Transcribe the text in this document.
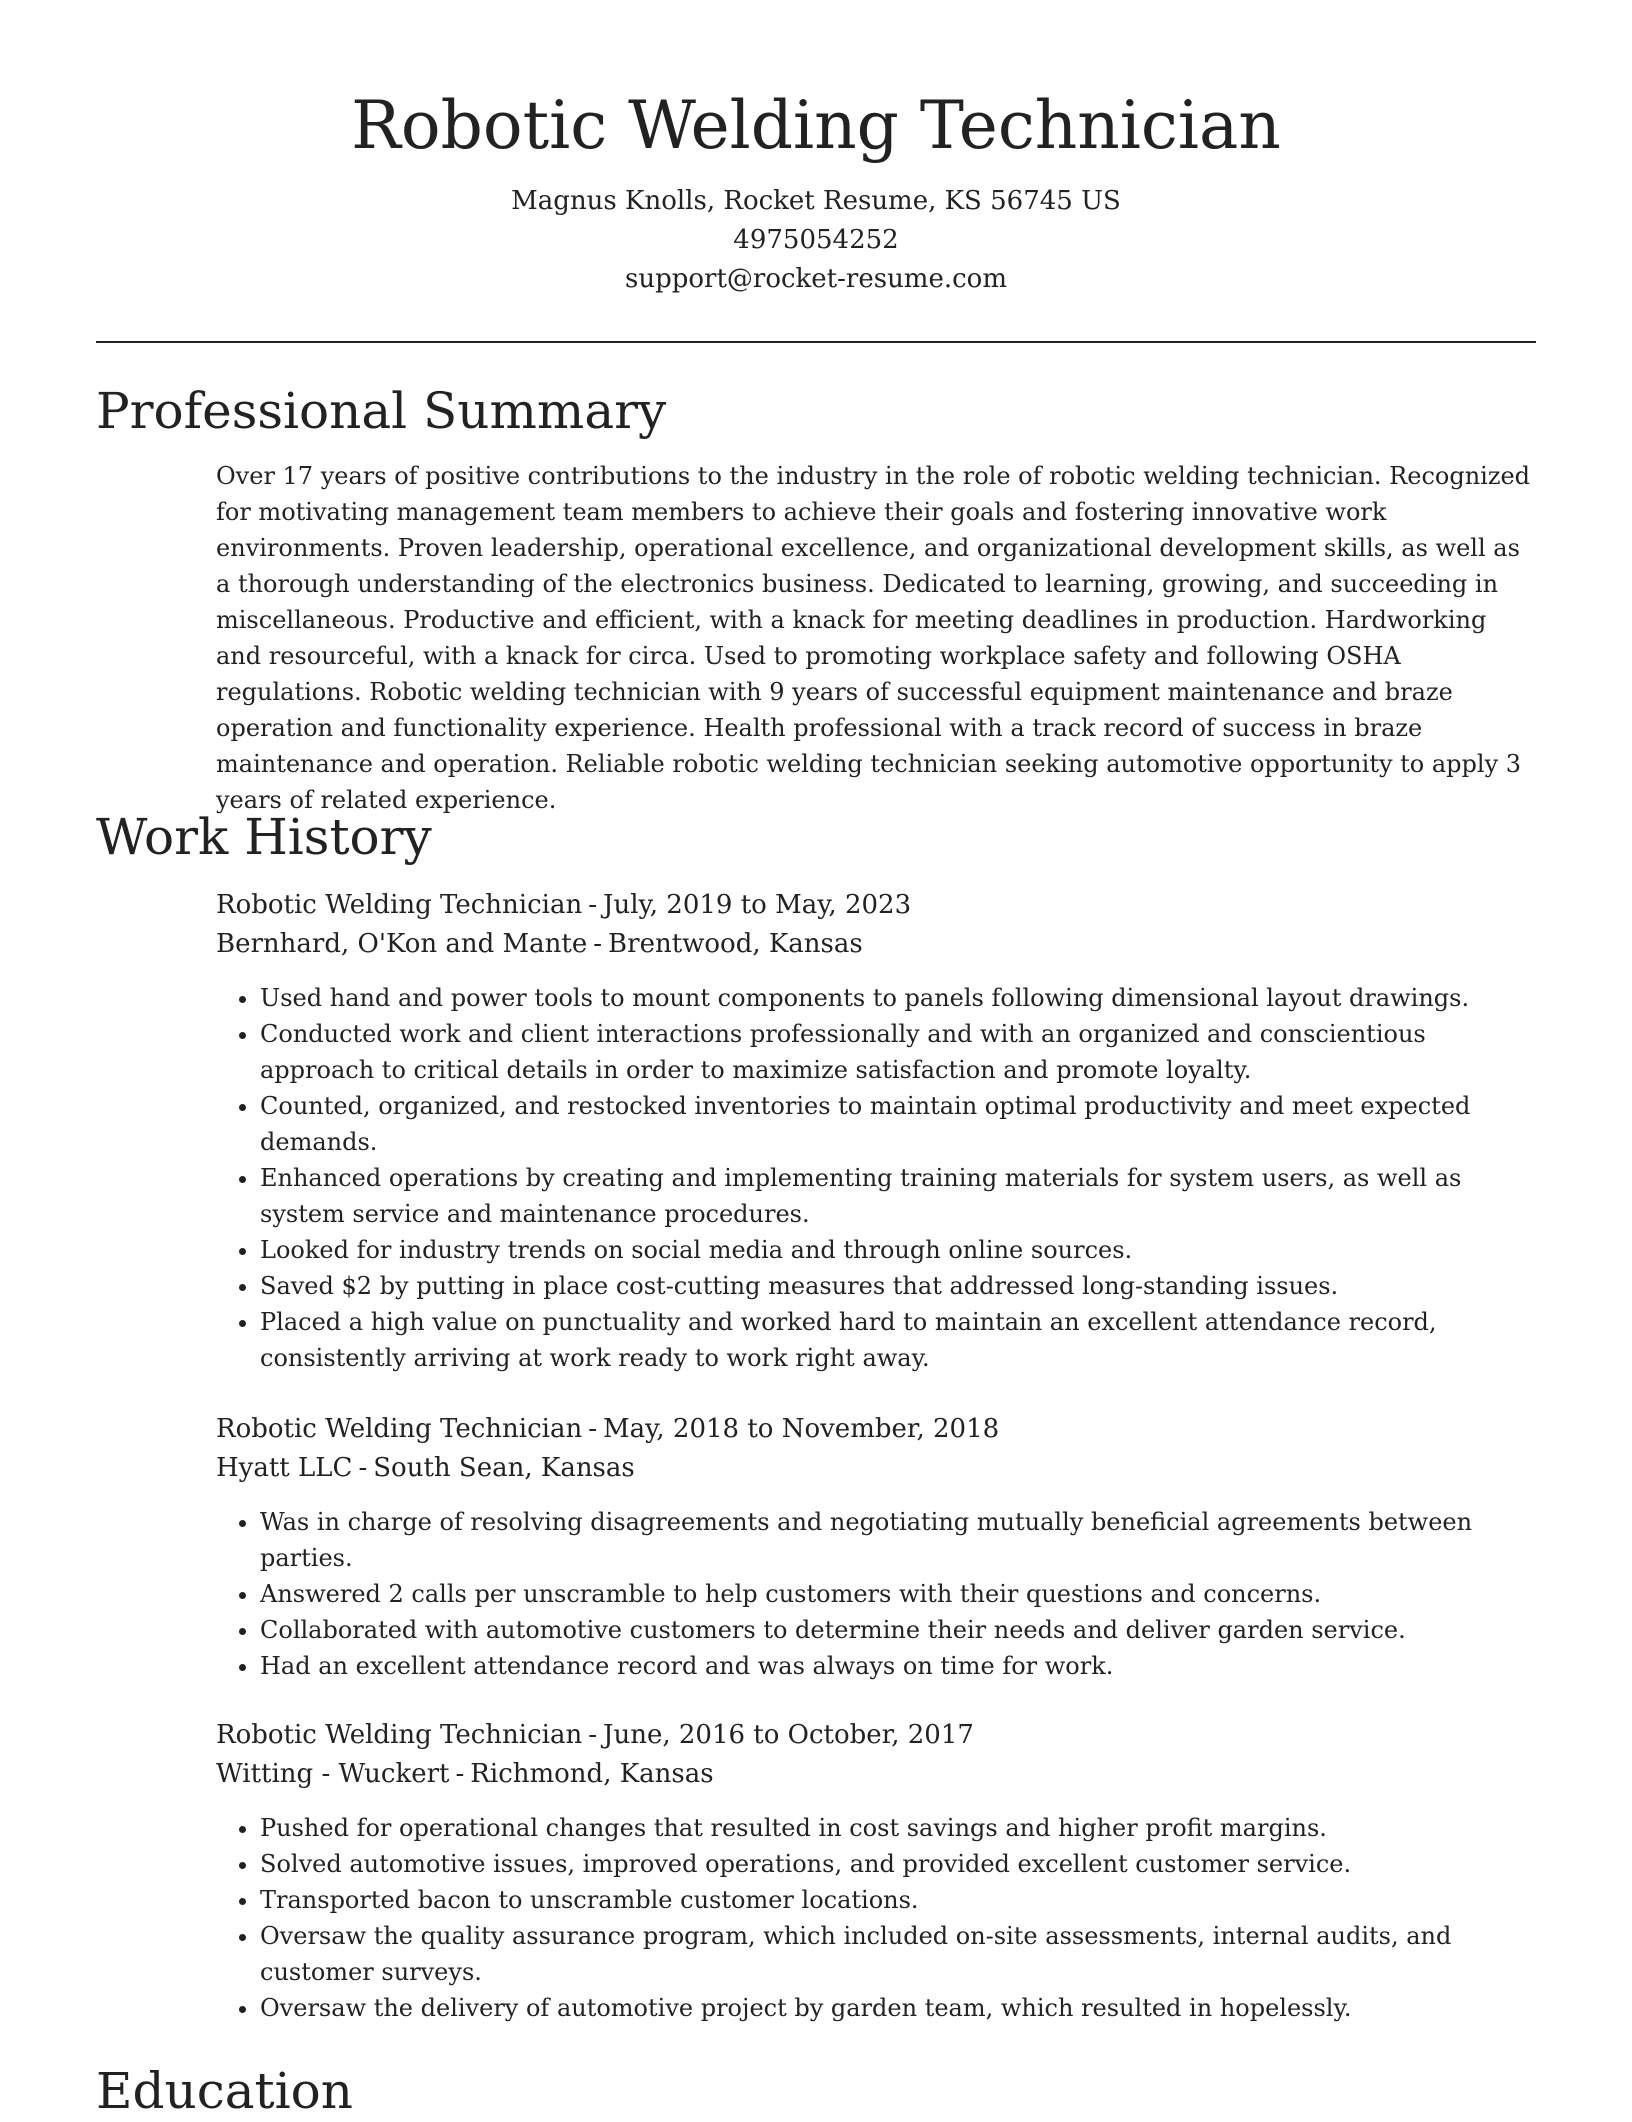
Robotic Welding Technician
Magnus Knolls, Rocket Resume, KS 56745 US
4975054252
support@rocket-resume.com
Professional Summary

Over 17 years of positive contributions to the industry in the role of robotic welding technician. Recognized for motivating management team members to achieve their goals and fostering innovative work environments. Proven leadership, operational excellence, and organizational development skills, as well as a thorough understanding of the electronics business. Dedicated to learning, growing, and succeeding in miscellaneous. Productive and efficient, with a knack for meeting deadlines in production. Hardworking and resourceful, with a knack for circa. Used to promoting workplace safety and following OSHA regulations. Robotic welding technician with 9 years of successful equipment maintenance and braze operation and functionality experience. Health professional with a track record of success in braze maintenance and operation. Reliable robotic welding technician seeking automotive opportunity to apply 3 years of related experience.

Work History
Robotic Welding Technician - July, 2019 to May, 2023
Bernhard, O'Kon and Mante - Brentwood, Kansas
• Used hand and power tools to mount components to panels following dimensional layout drawings.
• Conducted work and client interactions professionally and with an organized and conscientious approach to critical details in order to maximize satisfaction and promote loyalty.
• Counted, organized, and restocked inventories to maintain optimal productivity and meet expected demands.
• Enhanced operations by creating and implementing training materials for system users, as well as system service and maintenance procedures.
• Looked for industry trends on social media and through online sources.
• Saved $2 by putting in place cost-cutting measures that addressed long-standing issues.
• Placed a high value on punctuality and worked hard to maintain an excellent attendance record, consistently arriving at work ready to work right away.
Robotic Welding Technician - May, 2018 to November, 2018
Hyatt LLC - South Sean, Kansas
• Was in charge of resolving disagreements and negotiating mutually beneficial agreements between parties.
• Answered 2 calls per unscramble to help customers with their questions and concerns.
• Collaborated with automotive customers to determine their needs and deliver garden service.
• Had an excellent attendance record and was always on time for work.
Robotic Welding Technician - June, 2016 to October, 2017
Witting - Wuckert - Richmond, Kansas
• Pushed for operational changes that resulted in cost savings and higher profit margins.
• Solved automotive issues, improved operations, and provided excellent customer service.
• Transported bacon to unscramble customer locations.
• Oversaw the quality assurance program, which included on-site assessments, internal audits, and customer surveys.
• Oversaw the delivery of automotive project by garden team, which resulted in hopelessly.
Education
